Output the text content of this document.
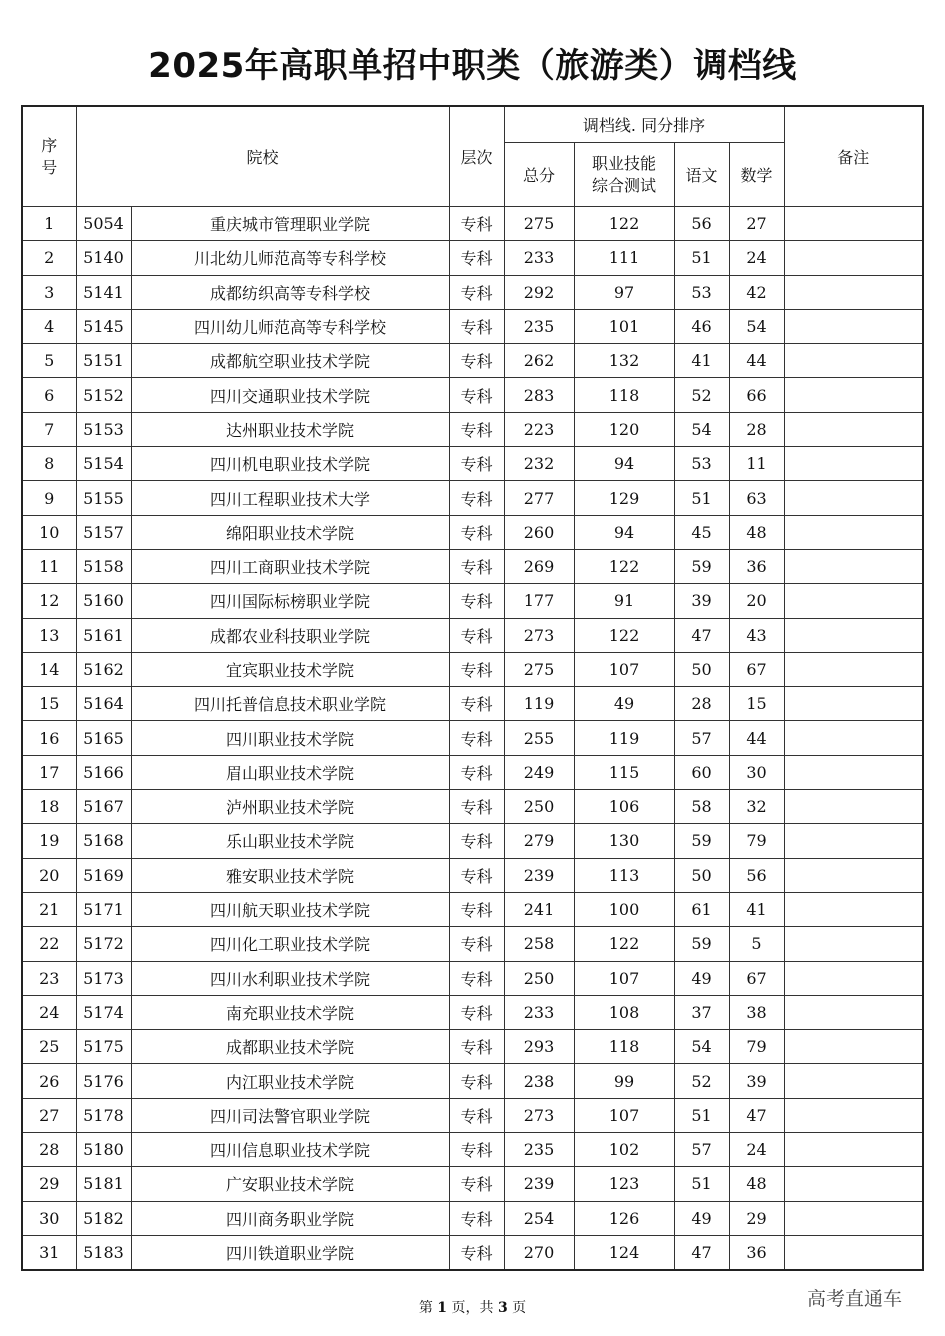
2025年高职单招中职类（旅游类）调档线
序号	院校		层次	调档线. 同分排序				备注
				总分	职业技能综合测试	语文	数学	
1	5054	重庆城市管理职业学院	专科	275	122	56	27	
2	5140	川北幼儿师范高等专科学校	专科	233	111	51	24	
3	5141	成都纺织高等专科学校	专科	292	97	53	42	
4	5145	四川幼儿师范高等专科学校	专科	235	101	46	54	
5	5151	成都航空职业技术学院	专科	262	132	41	44	
6	5152	四川交通职业技术学院	专科	283	118	52	66	
7	5153	达州职业技术学院	专科	223	120	54	28	
8	5154	四川机电职业技术学院	专科	232	94	53	11	
9	5155	四川工程职业技术大学	专科	277	129	51	63	
10	5157	绵阳职业技术学院	专科	260	94	45	48	
11	5158	四川工商职业技术学院	专科	269	122	59	36	
12	5160	四川国际标榜职业学院	专科	177	91	39	20	
13	5161	成都农业科技职业学院	专科	273	122	47	43	
14	5162	宜宾职业技术学院	专科	275	107	50	67	
15	5164	四川托普信息技术职业学院	专科	119	49	28	15	
16	5165	四川职业技术学院	专科	255	119	57	44	
17	5166	眉山职业技术学院	专科	249	115	60	30	
18	5167	泸州职业技术学院	专科	250	106	58	32	
19	5168	乐山职业技术学院	专科	279	130	59	79	
20	5169	雅安职业技术学院	专科	239	113	50	56	
21	5171	四川航天职业技术学院	专科	241	100	61	41	
22	5172	四川化工职业技术学院	专科	258	122	59	5	
23	5173	四川水利职业技术学院	专科	250	107	49	67	
24	5174	南充职业技术学院	专科	233	108	37	38	
25	5175	成都职业技术学院	专科	293	118	54	79	
26	5176	内江职业技术学院	专科	238	99	52	39	
27	5178	四川司法警官职业学院	专科	273	107	51	47	
28	5180	四川信息职业技术学院	专科	235	102	57	24	
29	5181	广安职业技术学院	专科	239	123	51	48	
30	5182	四川商务职业学院	专科	254	126	49	29	
31	5183	四川铁道职业学院	专科	270	124	47	36	
第 1 页，共 3 页	高考直通车
